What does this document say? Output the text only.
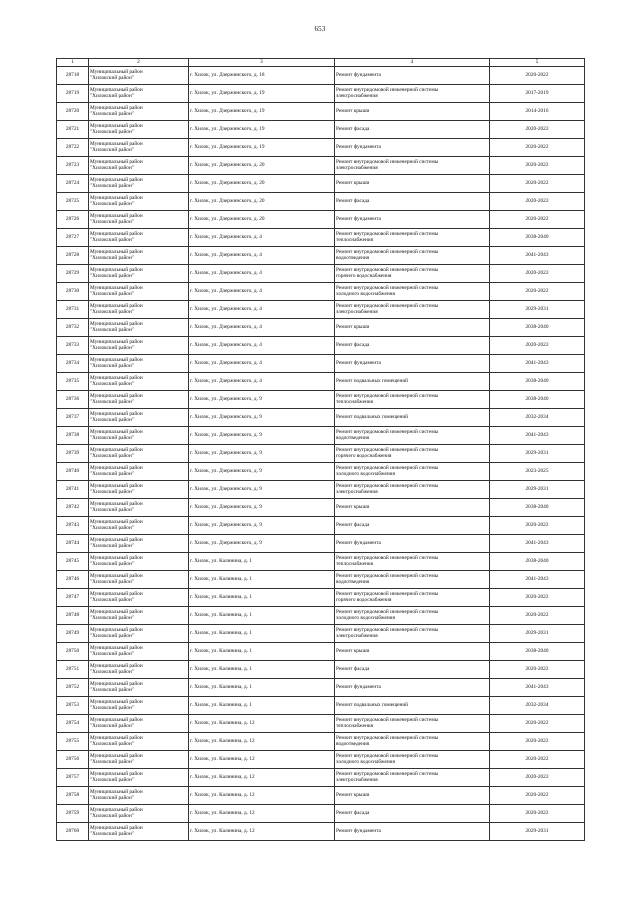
653
1	2	3	4	5
28718	Муниципальный район
"Хилокский район"	г. Хилок, ул. Дзержинского, д. 18	Ремонт фундамента	2020-2022
28719	Муниципальный район
"Хилокский район"	г. Хилок, ул. Дзержинского, д. 19	Ремонт внутридомовой инженерной системы
электроснабжения	2017-2019
28720	Муниципальный район
"Хилокский район"	г. Хилок, ул. Дзержинского, д. 19	Ремонт крыши	2014-2016
28721	Муниципальный район
"Хилокский район"	г. Хилок, ул. Дзержинского, д. 19	Ремонт фасада	2020-2022
28722	Муниципальный район
"Хилокский район"	г. Хилок, ул. Дзержинского, д. 19	Ремонт фундамента	2020-2022
28723	Муниципальный район
"Хилокский район"	г. Хилок, ул. Дзержинского, д. 20	Ремонт внутридомовой инженерной системы
электроснабжения	2020-2022
28724	Муниципальный район
"Хилокский район"	г. Хилок, ул. Дзержинского, д. 20	Ремонт крыши	2020-2022
28725	Муниципальный район
"Хилокский район"	г. Хилок, ул. Дзержинского, д. 20	Ремонт фасада	2020-2022
28726	Муниципальный район
"Хилокский район"	г. Хилок, ул. Дзержинского, д. 20	Ремонт фундамента	2020-2022
28727	Муниципальный район
"Хилокский район"	г. Хилок, ул. Дзержинского, д. 4	Ремонт внутридомовой инженерной системы
теплоснабжения	2038-2040
28728	Муниципальный район
"Хилокский район"	г. Хилок, ул. Дзержинского, д. 4	Ремонт внутридомовой инженерной системы
водоотведения	2041-2043
28729	Муниципальный район
"Хилокский район"	г. Хилок, ул. Дзержинского, д. 4	Ремонт внутридомовой инженерной системы
горячего водоснабжения	2020-2022
28730	Муниципальный район
"Хилокский район"	г. Хилок, ул. Дзержинского, д. 4	Ремонт внутридомовой инженерной системы
холодного водоснабжения	2020-2022
28731	Муниципальный район
"Хилокский район"	г. Хилок, ул. Дзержинского, д. 4	Ремонт внутридомовой инженерной системы
электроснабжения	2029-2031
28732	Муниципальный район
"Хилокский район"	г. Хилок, ул. Дзержинского, д. 4	Ремонт крыши	2038-2040
28733	Муниципальный район
"Хилокский район"	г. Хилок, ул. Дзержинского, д. 4	Ремонт фасада	2020-2022
28734	Муниципальный район
"Хилокский район"	г. Хилок, ул. Дзержинского, д. 4	Ремонт фундамента	2041-2043
28735	Муниципальный район
"Хилокский район"	г. Хилок, ул. Дзержинского, д. 4	Ремонт подвальных помещений	2038-2040
28736	Муниципальный район
"Хилокский район"	г. Хилок, ул. Дзержинского, д. 9	Ремонт внутридомовой инженерной системы
теплоснабжения	2038-2040
28737	Муниципальный район
"Хилокский район"	г. Хилок, ул. Дзержинского, д. 9	Ремонт подвальных помещений	2032-2034
28738	Муниципальный район
"Хилокский район"	г. Хилок, ул. Дзержинского, д. 9	Ремонт внутридомовой инженерной системы
водоотведения	2041-2043
28739	Муниципальный район
"Хилокский район"	г. Хилок, ул. Дзержинского, д. 9	Ремонт внутридомовой инженерной системы
горячего водоснабжения	2029-2031
28740	Муниципальный район
"Хилокский район"	г. Хилок, ул. Дзержинского, д. 9	Ремонт внутридомовой инженерной системы
холодного водоснабжения	2023-2025
28741	Муниципальный район
"Хилокский район"	г. Хилок, ул. Дзержинского, д. 9	Ремонт внутридомовой инженерной системы
электроснабжения	2029-2031
28742	Муниципальный район
"Хилокский район"	г. Хилок, ул. Дзержинского, д. 9	Ремонт крыши	2038-2040
28743	Муниципальный район
"Хилокский район"	г. Хилок, ул. Дзержинского, д. 9	Ремонт фасада	2020-2022
28744	Муниципальный район
"Хилокский район"	г. Хилок, ул. Дзержинского, д. 9	Ремонт фундамента	2041-2043
28745	Муниципальный район
"Хилокский район"	г. Хилок, ул. Калинина, д. 1	Ремонт внутридомовой инженерной системы
теплоснабжения	2038-2040
28746	Муниципальный район
"Хилокский район"	г. Хилок, ул. Калинина, д. 1	Ремонт внутридомовой инженерной системы
водоотведения	2041-2043
28747	Муниципальный район
"Хилокский район"	г. Хилок, ул. Калинина, д. 1	Ремонт внутридомовой инженерной системы
горячего водоснабжения	2020-2022
28748	Муниципальный район
"Хилокский район"	г. Хилок, ул. Калинина, д. 1	Ремонт внутридомовой инженерной системы
холодного водоснабжения	2020-2022
28749	Муниципальный район
"Хилокский район"	г. Хилок, ул. Калинина, д. 1	Ремонт внутридомовой инженерной системы
электроснабжения	2029-2031
28750	Муниципальный район
"Хилокский район"	г. Хилок, ул. Калинина, д. 1	Ремонт крыши	2038-2040
28751	Муниципальный район
"Хилокский район"	г. Хилок, ул. Калинина, д. 1	Ремонт фасада	2020-2022
28752	Муниципальный район
"Хилокский район"	г. Хилок, ул. Калинина, д. 1	Ремонт фундамента	2041-2043
28753	Муниципальный район
"Хилокский район"	г. Хилок, ул. Калинина, д. 1	Ремонт подвальных помещений	2032-2034
28754	Муниципальный район
"Хилокский район"	г. Хилок, ул. Калинина, д. 12	Ремонт внутридомовой инженерной системы
теплоснабжения	2020-2022
28755	Муниципальный район
"Хилокский район"	г. Хилок, ул. Калинина, д. 12	Ремонт внутридомовой инженерной системы
водоотведения	2020-2022
28756	Муниципальный район
"Хилокский район"	г. Хилок, ул. Калинина, д. 12	Ремонт внутридомовой инженерной системы
холодного водоснабжения	2020-2022
28757	Муниципальный район
"Хилокский район"	г. Хилок, ул. Калинина, д. 12	Ремонт внутридомовой инженерной системы
электроснабжения	2020-2022
28758	Муниципальный район
"Хилокский район"	г. Хилок, ул. Калинина, д. 12	Ремонт крыши	2020-2022
28759	Муниципальный район
"Хилокский район"	г. Хилок, ул. Калинина, д. 12	Ремонт фасада	2020-2022
28760	Муниципальный район
"Хилокский район"	г. Хилок, ул. Калинина, д. 12	Ремонт фундамента	2029-2031
